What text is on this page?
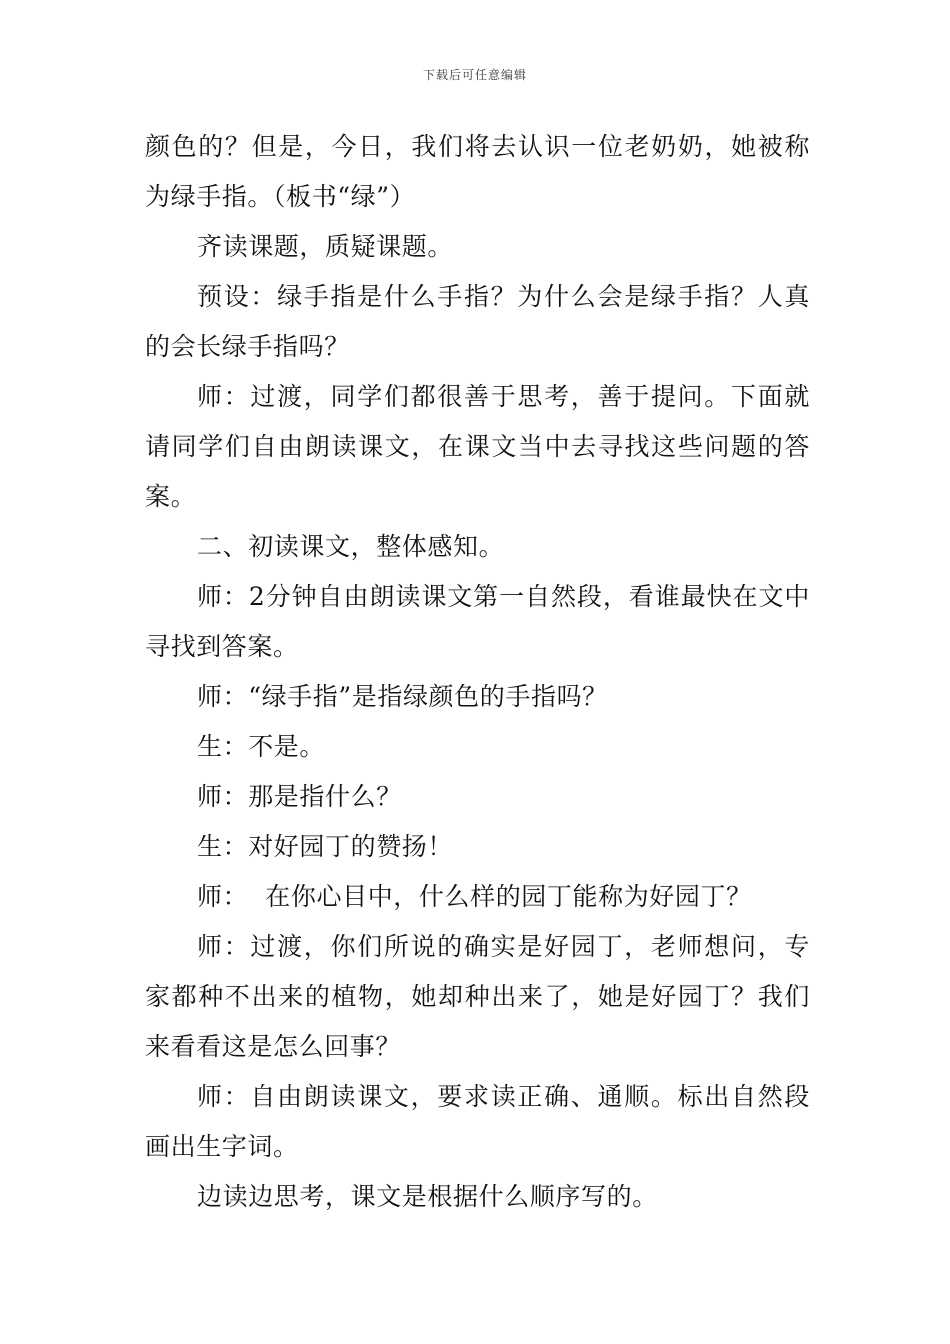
下载后可任意编辑

颜色的？但是，今日，我们将去认识一位老奶奶，她被称为绿手指。（板书“绿”）

齐读课题，质疑课题。

预设：绿手指是什么手指？为什么会是绿手指？人真的会长绿手指吗？

师：过渡，同学们都很善于思考，善于提问。下面就请同学们自由朗读课文，在课文当中去寻找这些问题的答案。

二、初读课文，整体感知。

师：2分钟自由朗读课文第一自然段，看谁最快在文中寻找到答案。

师：“绿手指”是指绿颜色的手指吗？

生：不是。

师：那是指什么？

生：对好园丁的赞扬！

师：  在你心目中，什么样的园丁能称为好园丁？

师：过渡，你们所说的确实是好园丁，老师想问，专家都种不出来的植物，她却种出来了，她是好园丁？我们来看看这是怎么回事？

师：自由朗读课文，要求读正确、通顺。标出自然段画出生字词。

边读边思考，课文是根据什么顺序写的。
